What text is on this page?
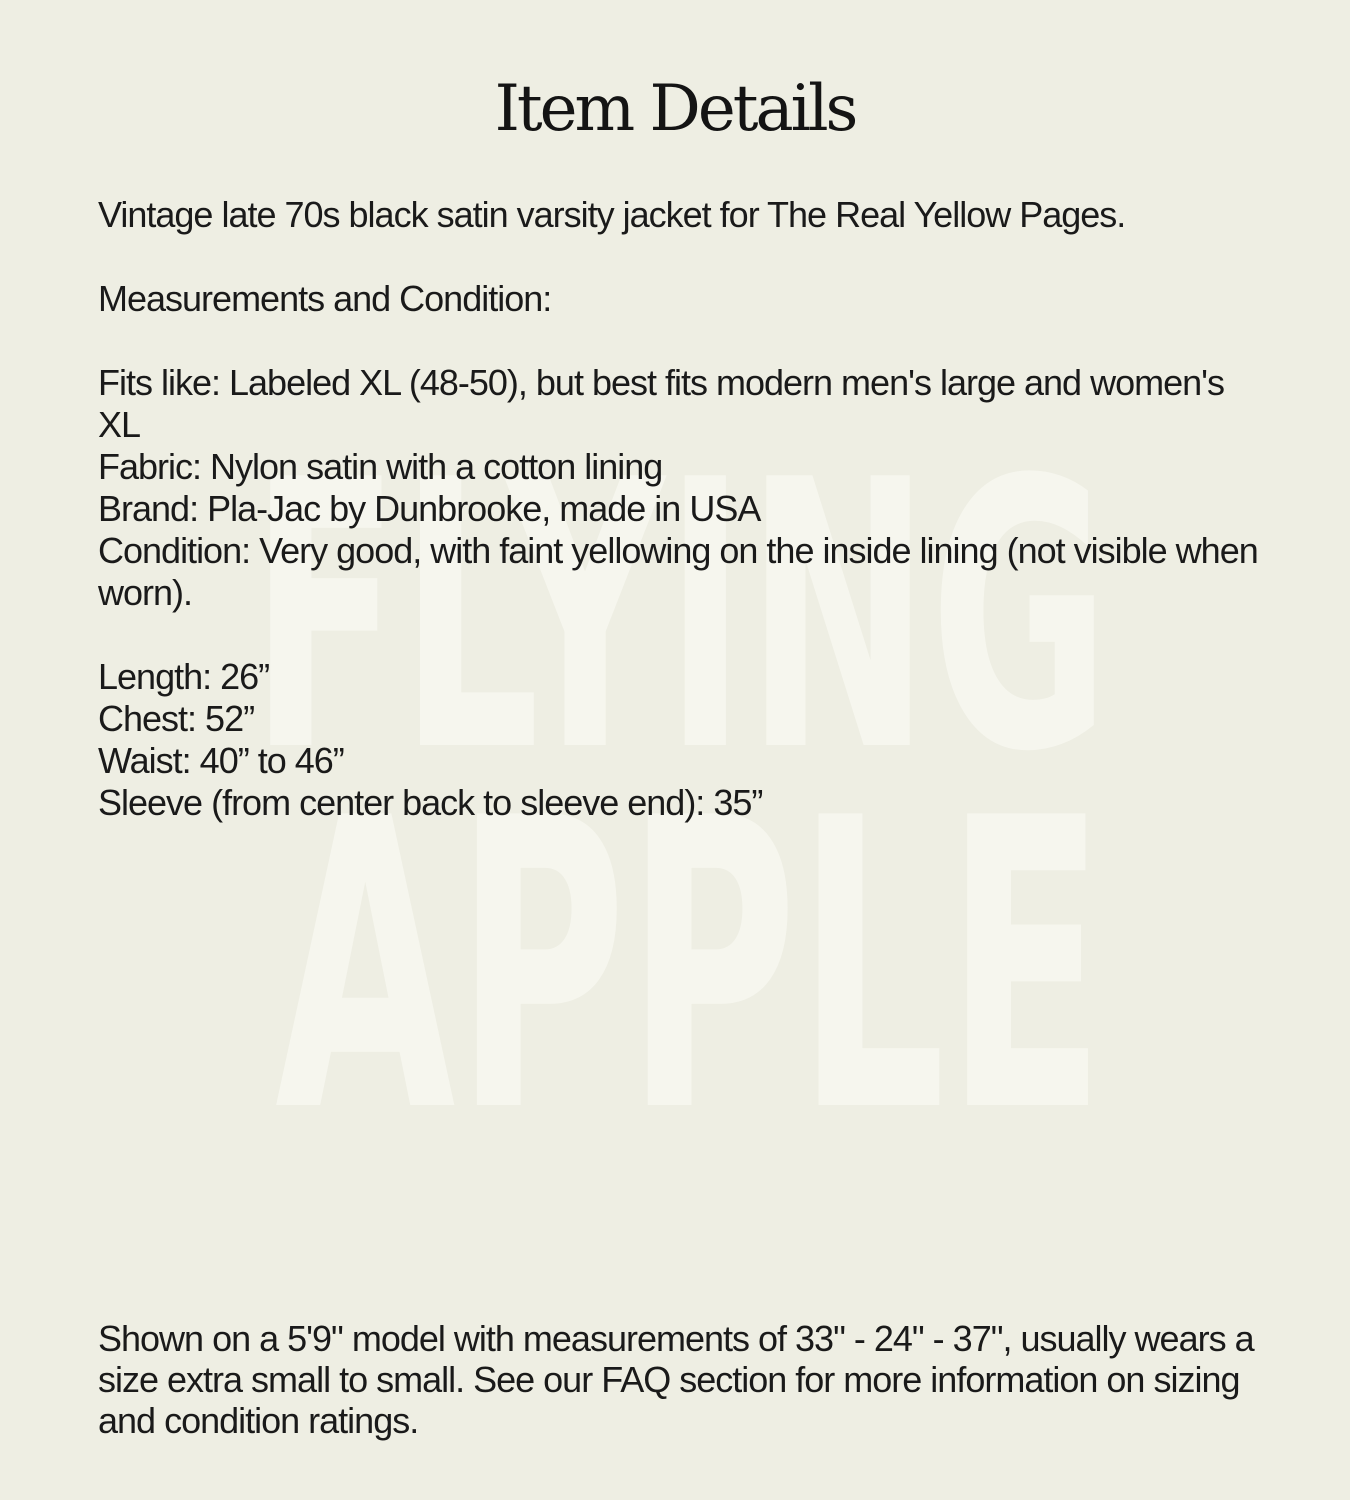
FLYING
APPLE
Item Details

Vintage late 70s black satin varsity jacket for The Real Yellow Pages.

Measurements and Condition:

Fits like: Labeled XL (48-50), but best fits modern men's large and women's XL

Fabric: Nylon satin with a cotton lining

Brand: Pla-Jac by Dunbrooke, made in USA

Condition: Very good, with faint yellowing on the inside lining (not visible when worn).

Length: 26”

Chest: 52”

Waist: 40” to 46”

Sleeve (from center back to sleeve end): 35”

Shown on a 5'9" model with measurements of 33" - 24" - 37", usually wears a size extra small to small. See our FAQ section for more information on sizing and condition ratings.
